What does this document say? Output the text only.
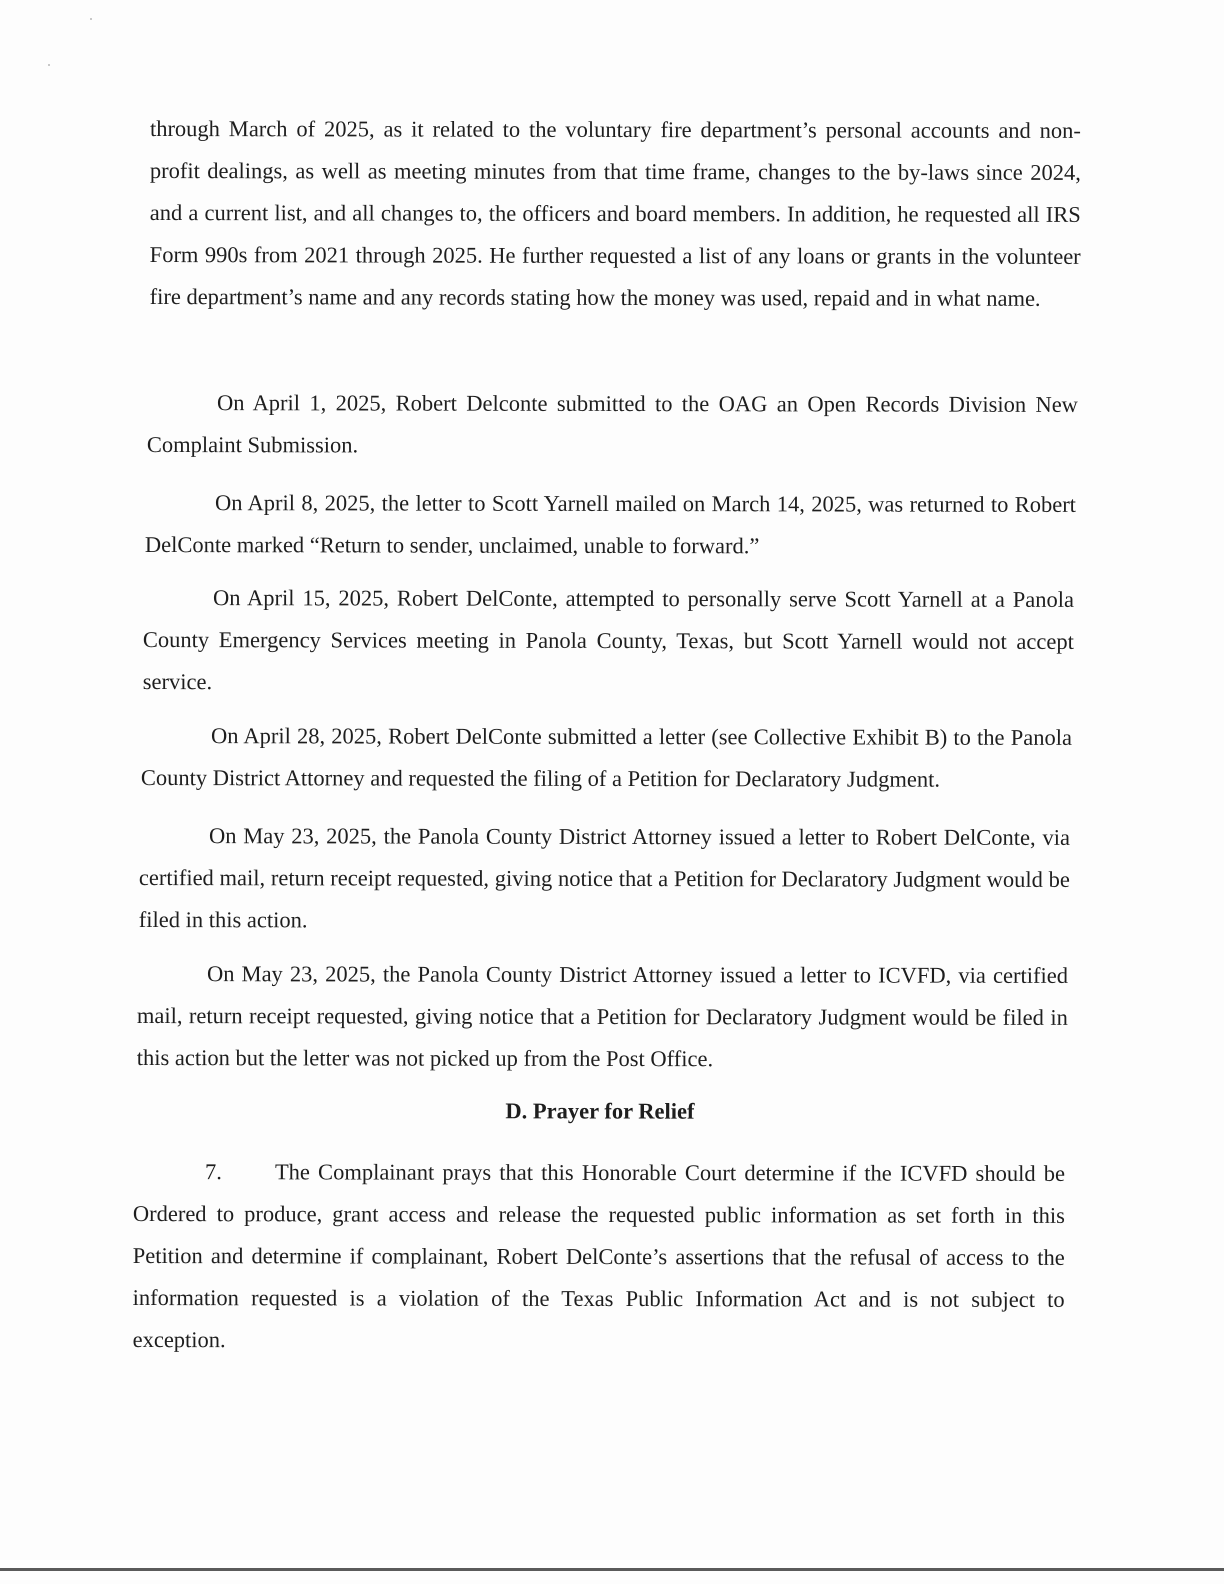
through March of 2025, as it related to the voluntary fire department’s personal accounts and non-profit dealings, as well as meeting minutes from that time frame, changes to the by-laws since 2024, and a current list, and all changes to, the officers and board members. In addition, he requested all IRS Form 990s from 2021 through 2025. He further requested a list of any loans or grants in the volunteer fire department’s name and any records stating how the money was used, repaid and in what name.

On April 1, 2025, Robert Delconte submitted to the OAG an Open Records Division New Complaint Submission.

On April 8, 2025, the letter to Scott Yarnell mailed on March 14, 2025, was returned to Robert DelConte marked “Return to sender, unclaimed, unable to forward.”

On April 15, 2025, Robert DelConte, attempted to personally serve Scott Yarnell at a Panola County Emergency Services meeting in Panola County, Texas, but Scott Yarnell would not accept service.

On April 28, 2025, Robert DelConte submitted a letter (see Collective Exhibit B) to the Panola County District Attorney and requested the filing of a Petition for Declaratory Judgment.

On May 23, 2025, the Panola County District Attorney issued a letter to Robert DelConte, via certified mail, return receipt requested, giving notice that a Petition for Declaratory Judgment would be filed in this action.

On May 23, 2025, the Panola County District Attorney issued a letter to ICVFD, via certified mail, return receipt requested, giving notice that a Petition for Declaratory Judgment would be filed in this action but the letter was not picked up from the Post Office.

D. Prayer for Relief

7. The Complainant prays that this Honorable Court determine if the ICVFD should be Ordered to produce, grant access and release the requested public information as set forth in this Petition and determine if complainant, Robert DelConte’s assertions that the refusal of access to the information requested is a violation of the Texas Public Information Act and is not subject to exception.
